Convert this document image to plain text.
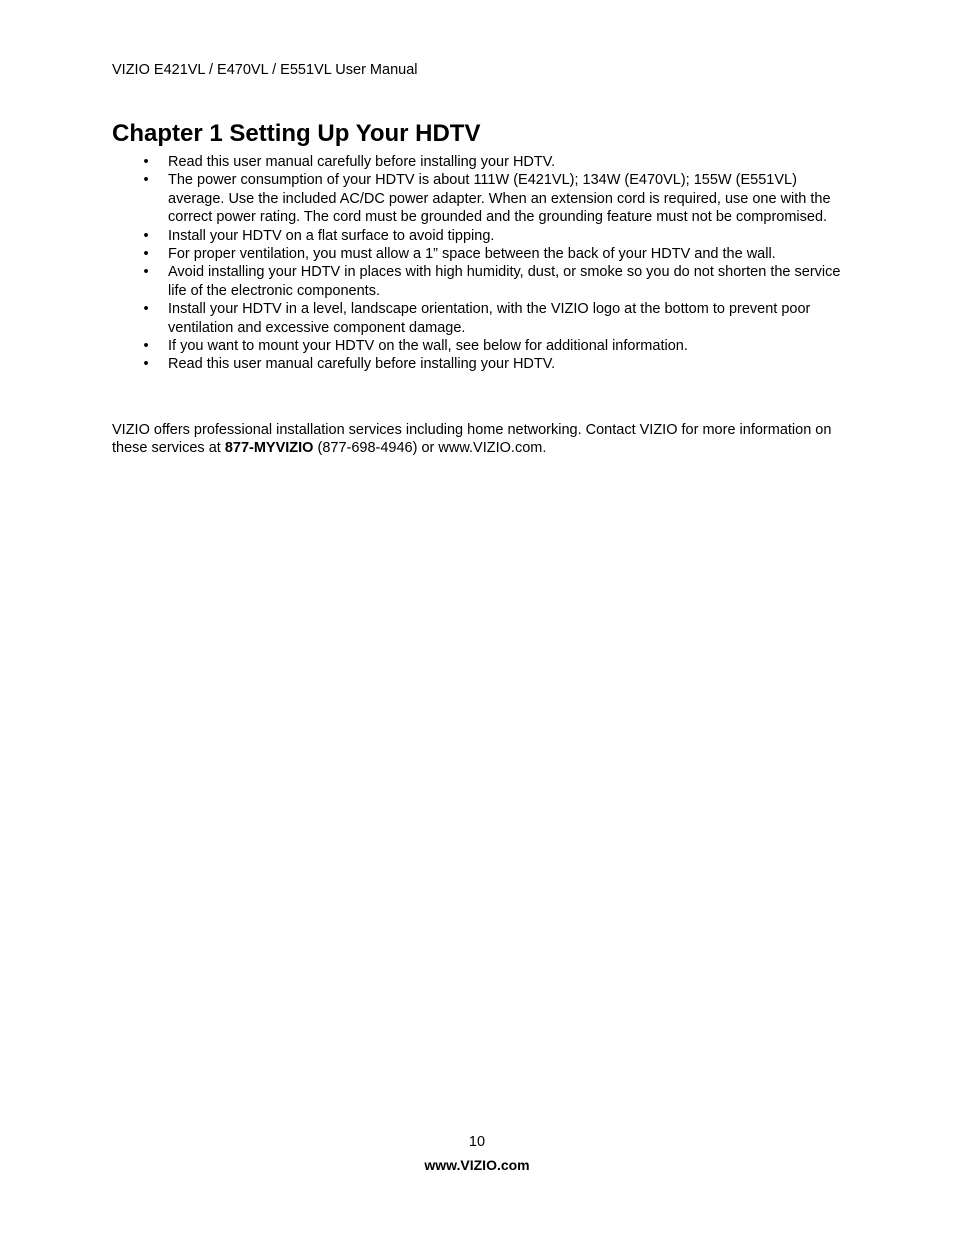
VIZIO E421VL / E470VL / E551VL User Manual
Chapter 1 Setting Up Your HDTV
• Read this user manual carefully before installing your HDTV.
• The power consumption of your HDTV is about 111W (E421VL); 134W (E470VL); 155W (E551VL) average. Use the included AC/DC power adapter. When an extension cord is required, use one with the correct power rating. The cord must be grounded and the grounding feature must not be compromised.
• Install your HDTV on a flat surface to avoid tipping.
• For proper ventilation, you must allow a 1” space between the back of your HDTV and the wall.
• Avoid installing your HDTV in places with high humidity, dust, or smoke so you do not shorten the service life of the electronic components.
• Install your HDTV in a level, landscape orientation, with the VIZIO logo at the bottom to prevent poor ventilation and excessive component damage.
• If you want to mount your HDTV on the wall, see below for additional information.
• Read this user manual carefully before installing your HDTV.

VIZIO offers professional installation services including home networking. Contact VIZIO for more information on these services at 877-MYVIZIO (877-698-4946) or www.VIZIO.com.

10
www.VIZIO.com
